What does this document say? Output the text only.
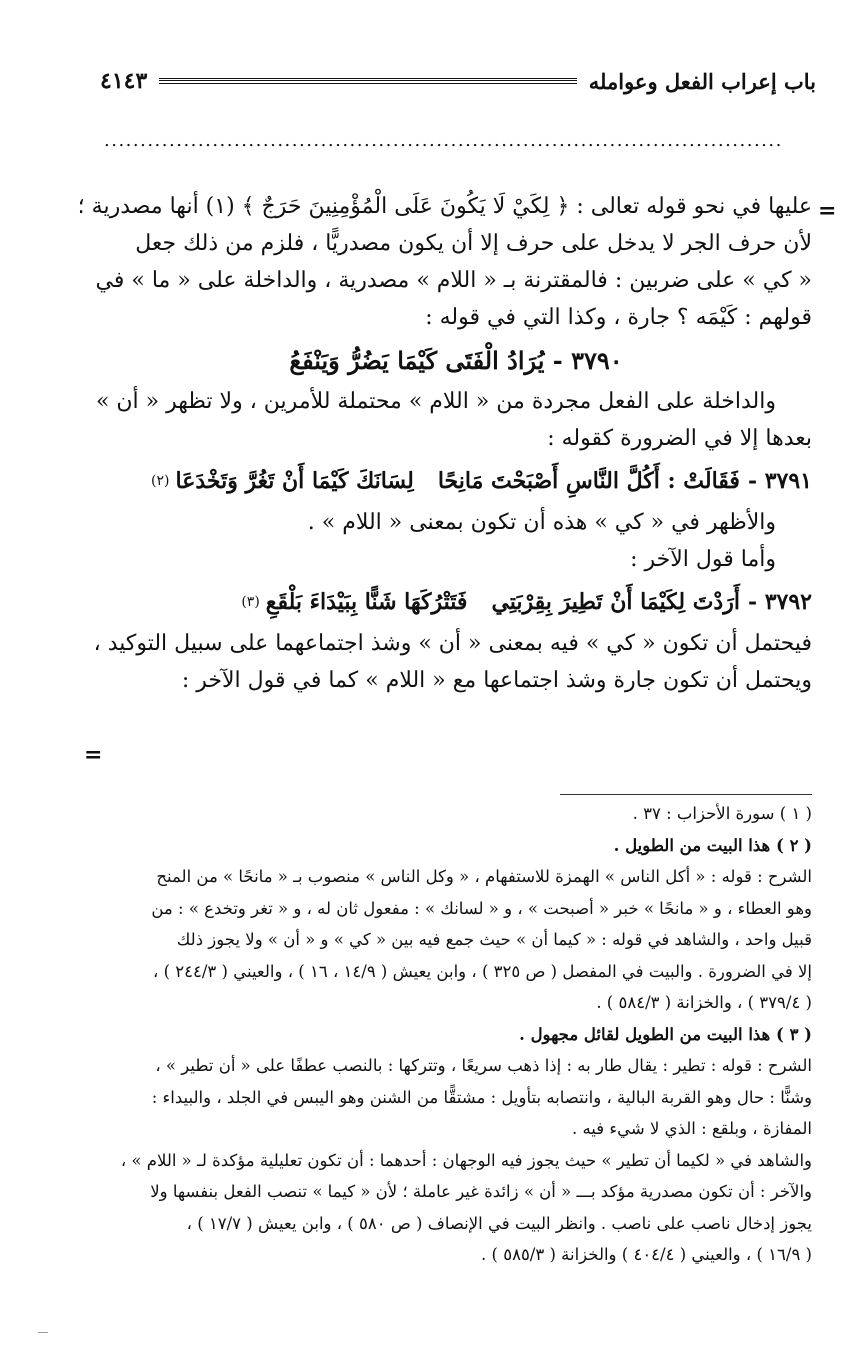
باب إعراب الفعل وعوامله
٤١٤٣
..............................................................................................
=
=

عليها في نحو قوله تعالى : ﴿ لِكَيْ لَا يَكُونَ عَلَى الْمُؤْمِنِينَ حَرَجٌ ﴾ (١) أنها مصدرية ؛

لأن حرف الجر لا يدخل على حرف إلا أن يكون مصدريًّا ، فلزم من ذلك جعل

« كي » على ضربين : فالمقترنة بـ « اللام » مصدرية ، والداخلة على « ما » في

قولهم : كَيْمَه ؟ جارة ، وكذا التي في قوله :

٣٧٩٠ - يُرَادُ الْفَتَى كَيْمَا يَضُرُّ وَيَنْفَعُ

والداخلة على الفعل مجردة من « اللام » محتملة للأمرين ، ولا تظهر « أن »

بعدها إلا في الضرورة كقوله :

٣٧٩١ -
فَقَالَتْ : أَكُلَّ النَّاسِ أَصْبَحْتَ مَانِحًا
لِسَانَكَ كَيْمَا أَنْ تَغُرَّ وَتَخْدَعَا
(٢)

والأظهر في « كي » هذه أن تكون بمعنى « اللام » .

وأما قول الآخر :

٣٧٩٢ -
أَرَدْتَ لِكَيْمَا أَنْ تَطِيرَ بِقِرْبَتِي
فَتَتْرُكَهَا شَنًّا بِبَيْدَاءَ بَلْقَعِ
(٣)

فيحتمل أن تكون « كي » فيه بمعنى « أن » وشذ اجتماعهما على سبيل التوكيد ،

ويحتمل أن تكون جارة وشذ اجتماعها مع « اللام » كما في قول الآخر :

( ١ ) سورة الأحزاب : ٣٧ .
( ٢ ) هذا البيت من الطويل .
الشرح : قوله : « أكل الناس » الهمزة للاستفهام ، « وكل الناس » منصوب بـ « مانحًا » من المنح
وهو العطاء ، و « مانحًا » خبر « أصبحت » ، و « لسانك » : مفعول ثان له ، و « تغر وتخدع » : من
قبيل واحد ، والشاهد في قوله : « كيما أن » حيث جمع فيه بين « كي » و « أن » ولا يجوز ذلك
إلا في الضرورة . والبيت في المفصل ( ص ٣٢٥ ) ، وابن يعيش ( ١٤/٩ ، ١٦ ) ، والعيني ( ٢٤٤/٣ ) ،
( ٣٧٩/٤ ) ، والخزانة ( ٥٨٤/٣ ) .
( ٣ ) هذا البيت من الطويل لقائل مجهول .
الشرح : قوله : تطير : يقال طار به : إذا ذهب سريعًا ، وتتركها : بالنصب عطفًا على « أن تطير » ،
وشنًّا : حال وهو القربة البالية ، وانتصابه بتأويل : مشتقًّا من الشنن وهو اليبس في الجلد ، والبيداء :
المفازة ، وبلقع : الذي لا شيء فيه .
والشاهد في « لكيما أن تطير » حيث يجوز فيه الوجهان : أحدهما : أن تكون تعليلية مؤكدة لـ « اللام » ،
والآخر : أن تكون مصدرية مؤكد بـــ « أن » زائدة غير عاملة ؛ لأن « كيما » تنصب الفعل بنفسها ولا
يجوز إدخال ناصب على ناصب . وانظر البيت في الإنصاف ( ص ٥٨٠ ) ، وابن يعيش ( ١٧/٧ ) ،
( ١٦/٩ ) ، والعيني ( ٤٠٤/٤ ) والخزانة ( ٥٨٥/٣ ) .
